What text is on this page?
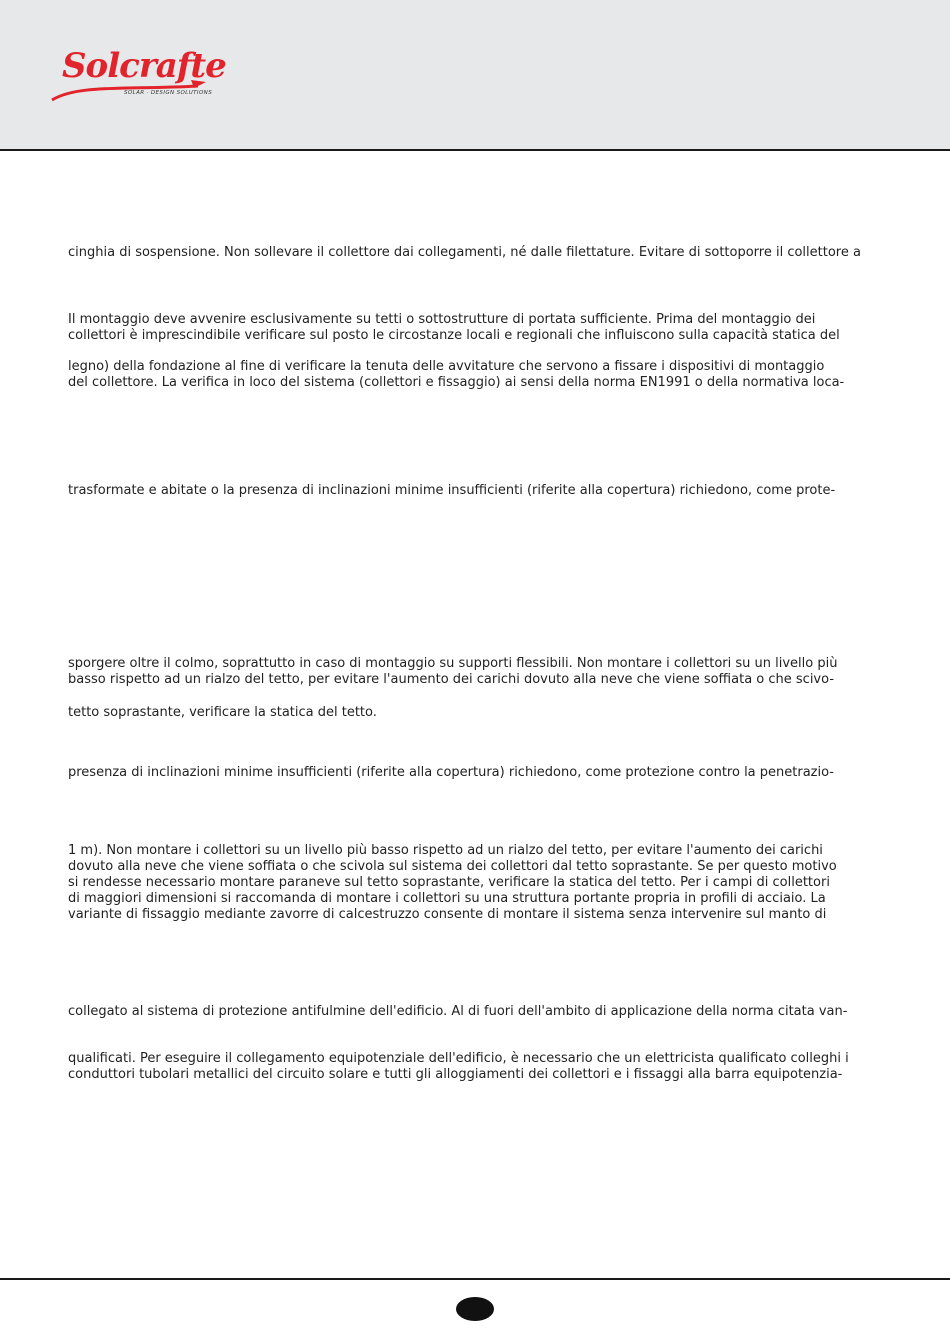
Solcrafte
SOLAR · DESIGN SOLUTIONS

cinghia di sospensione. Non sollevare il collettore dai collegamenti, né dalle filettature. Evitare di sottoporre il collettore a

Il montaggio deve avvenire esclusivamente su tetti o sottostrutture di portata sufficiente. Prima del montaggio dei

collettori è imprescindibile verificare sul posto le circostanze locali e regionali che influiscono sulla capacità statica del

legno) della fondazione al fine di verificare la tenuta delle avvitature che servono a fissare i dispositivi di montaggio

del collettore. La verifica in loco del sistema (collettori e fissaggio) ai sensi della norma EN1991 o della normativa loca-

trasformate e abitate o la presenza di inclinazioni minime insufficienti (riferite alla copertura) richiedono, come prote-

sporgere oltre il colmo, soprattutto in caso di montaggio su supporti flessibili. Non montare i collettori su un livello più

basso rispetto ad un rialzo del tetto, per evitare l'aumento dei carichi dovuto alla neve che viene soffiata o che scivo-

tetto soprastante, verificare la statica del tetto.

presenza di inclinazioni minime insufficienti (riferite alla copertura) richiedono, come protezione contro la penetrazio-

1 m). Non montare i collettori su un livello più basso rispetto ad un rialzo del tetto, per evitare l'aumento dei carichi

dovuto alla neve che viene soffiata o che scivola sul sistema dei collettori dal tetto soprastante. Se per questo motivo

si rendesse necessario montare paraneve sul tetto soprastante, verificare la statica del tetto. Per i campi di collettori

di maggiori dimensioni si raccomanda di montare i collettori su una struttura portante propria in profili di acciaio. La

variante di fissaggio mediante zavorre di calcestruzzo consente di montare il sistema senza intervenire sul manto di

collegato al sistema di protezione antifulmine dell'edificio. Al di fuori dell'ambito di applicazione della norma citata van-

qualificati. Per eseguire il collegamento equipotenziale dell'edificio, è necessario che un elettricista qualificato colleghi i

conduttori tubolari metallici del circuito solare e tutti gli alloggiamenti dei collettori e i fissaggi alla barra equipotenzia-
